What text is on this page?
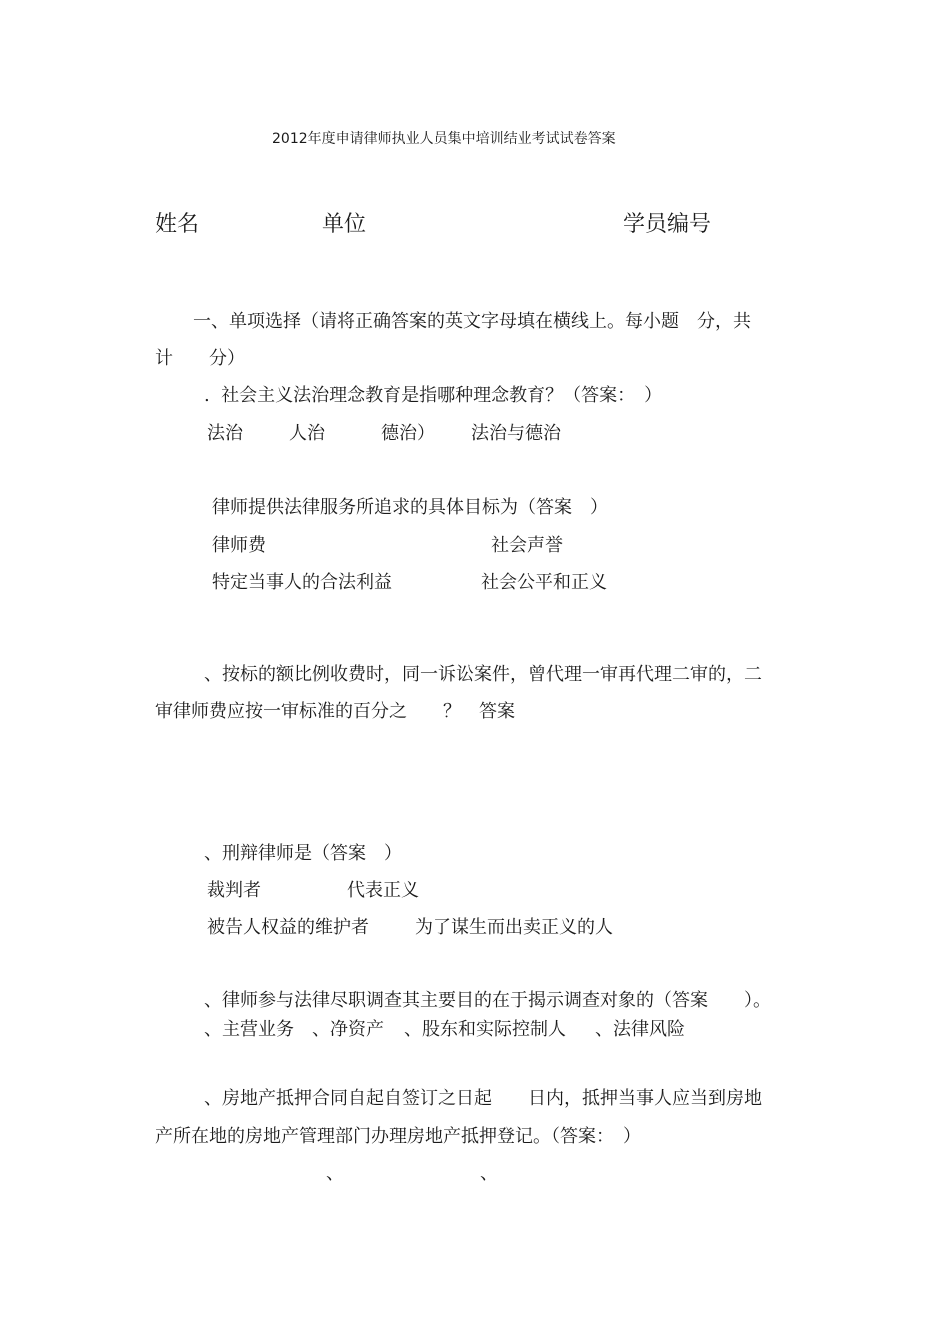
2012年度申请律师执业人员集中培训结业考试试卷答案
姓名	单位	学员编号
一、单项选择（请将正确答案的英文字母填在横线上。每小题　分，共
计　　分）
.  社会主义法治理念教育是指哪种理念教育？（答案：　）
法治	人治	德治） 法治与德治
律师提供法律服务所追求的具体目标为（答案　）
律师费	社会声誉
特定当事人的合法利益	社会公平和正义
、按标的额比例收费时，同一诉讼案件，曾代理一审再代理二审的，二
审律师费应按一审标准的百分之　　？　答案
、刑辩律师是（答案　）
裁判者	代表正义
被告人权益的维护者	为了谋生而出卖正义的人
、律师参与法律尽职调查其主要目的在于揭示调查对象的（答案　　）。
、主营业务 、净资产 、股东和实际控制人 、法律风险
、房地产抵押合同自起自签订之日起　　日内，抵押当事人应当到房地
产所在地的房地产管理部门办理房地产抵押登记。（答案：　）
、	、
